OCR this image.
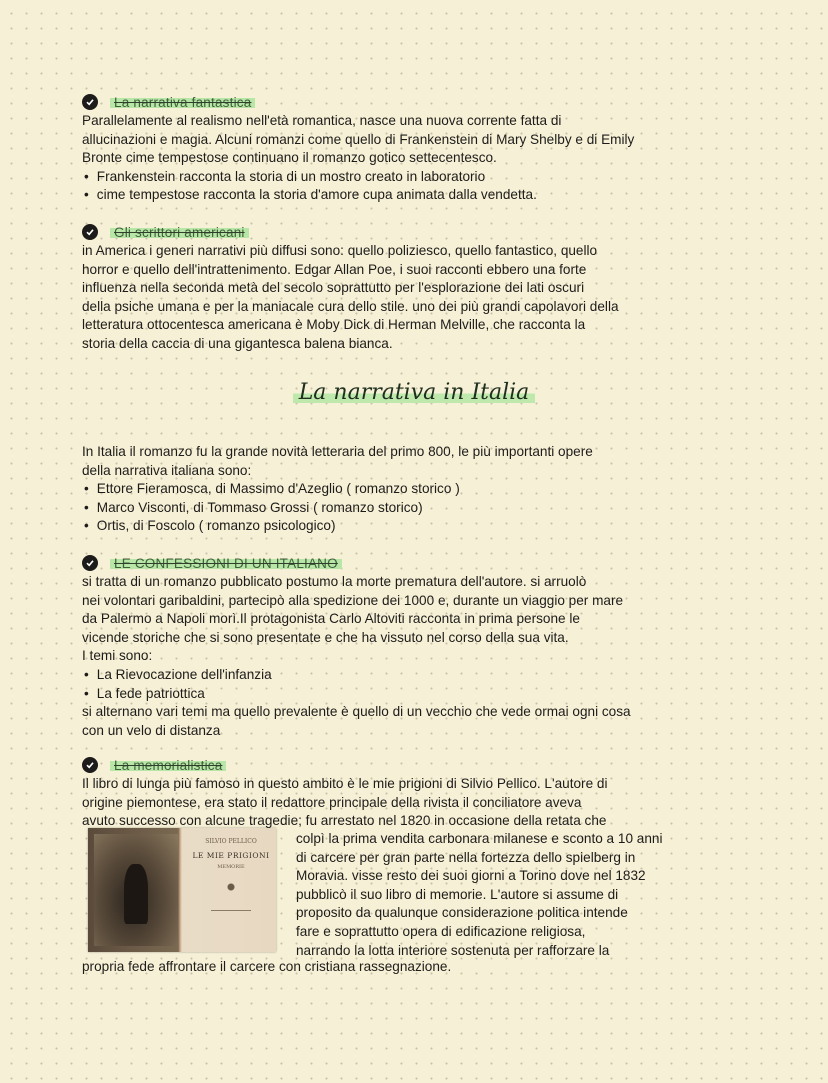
La narrativa fantastica

Parallelamente al realismo nell'età romantica, nasce una nuova corrente fatta di
allucinazioni e magia. Alcuni romanzi come quello di Frankenstein di Mary Shelby e di Emily
Bronte cime tempestose continuano il romanzo gotico settecentesco.

• Frankenstein racconta la storia di un mostro creato in laboratorio
• cime tempestose racconta la storia d'amore cupa animata dalla vendetta.
Gli scrittori americani

in America i generi narrativi più diffusi sono: quello poliziesco, quello fantastico, quello
horror e quello dell'intrattenimento. Edgar Allan Poe, i suoi racconti ebbero una forte
influenza nella seconda metà del secolo soprattutto per l'esplorazione dei lati oscuri
della psiche umana e per la maniacale cura dello stile. uno dei più grandi capolavori della
letteratura ottocentesca americana è Moby Dick di Herman Melville, che racconta la
storia della caccia di una gigantesca balena bianca.

La narrativa in Italia

In Italia il romanzo fu la grande novità letteraria del primo 800, le più importanti opere
della narrativa italiana sono:

• Ettore Fieramosca, di Massimo d'Azeglio ( romanzo storico )
• Marco Visconti, di Tommaso Grossi ( romanzo storico)
• Ortis, di Foscolo ( romanzo psicologico)
LE CONFESSIONI DI UN ITALIANO

si tratta di un romanzo pubblicato postumo la morte prematura dell'autore. si arruolò
nei volontari garibaldini, partecipò alla spedizione dei 1000 e, durante un viaggio per mare
da Palermo a Napoli morì.Il protagonista Carlo Altoviti racconta in prima persone le
vicende storiche che si sono presentate e che ha vissuto nel corso della sua vita.
I temi sono:

• La Rievocazione dell'infanzia
• La fede patriottica

si alternano vari temi ma quello prevalente è quello di un vecchio che vede ormai ogni cosa
con un velo di distanza

La memorialistica

Il libro di lunga più famoso in questo ambito è le mie prigioni di Silvio Pellico. L'autore di
origine piemontese, era stato il redattore principale della rivista il conciliatore aveva
avuto successo con alcune tragedie; fu arrestato nel 1820 in occasione della retata che

SILVIO PELLICO
LE MIE PRIGIONI
MEMORIE

colpì la prima vendita carbonara milanese e sconto a 10 anni
di carcere per gran parte nella fortezza dello spielberg in
Moravia. visse resto dei suoi giorni a Torino dove nel 1832
pubblicò il suo libro di memorie. L'autore si assume di
proposito da qualunque considerazione politica intende
fare e soprattutto opera di edificazione religiosa,
narrando la lotta interiore sostenuta per rafforzare la

propria fede affrontare il carcere con cristiana rassegnazione.
